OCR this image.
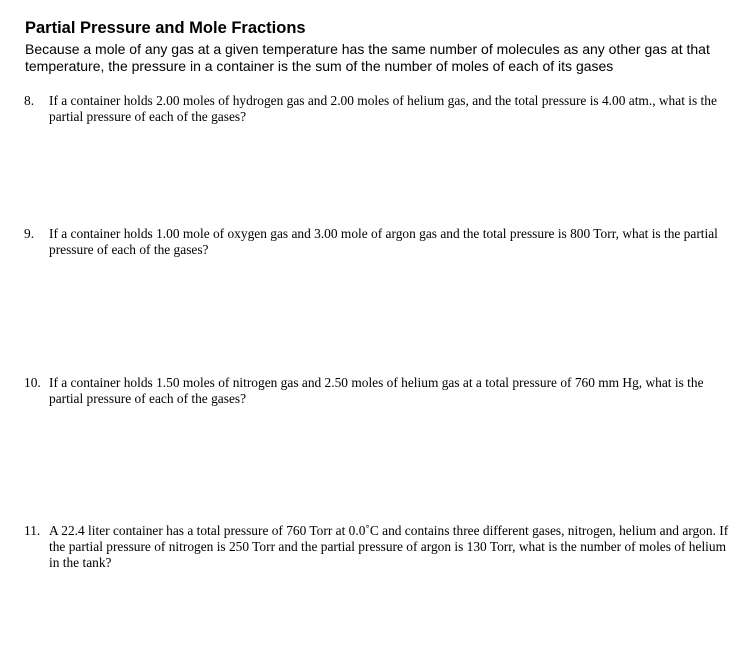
Partial Pressure and Mole Fractions

Because a mole of any gas at a given temperature has the same number of molecules as any other gas at that temperature, the pressure in a container is the sum of the number of moles of each of its gases

8.	If a container holds 2.00 moles of hydrogen gas and 2.00 moles of helium gas, and the total pressure is 4.00 atm., what is the partial pressure of each of the gases?
9.	If a container holds 1.00 mole of oxygen gas and 3.00 mole of argon gas and the total pressure is 800 Torr, what is the partial pressure of each of the gases?
10. If a container holds 1.50 moles of nitrogen gas and 2.50 moles of helium gas at a total pressure of 760 mm Hg, what is the partial pressure of each of the gases?
11. A 22.4 liter container has a total pressure of 760 Torr at 0.0˚C and contains three different gases, nitrogen, helium and argon. If the partial pressure of nitrogen is 250 Torr and the partial pressure of argon is 130 Torr, what is the number of moles of helium in the tank?
